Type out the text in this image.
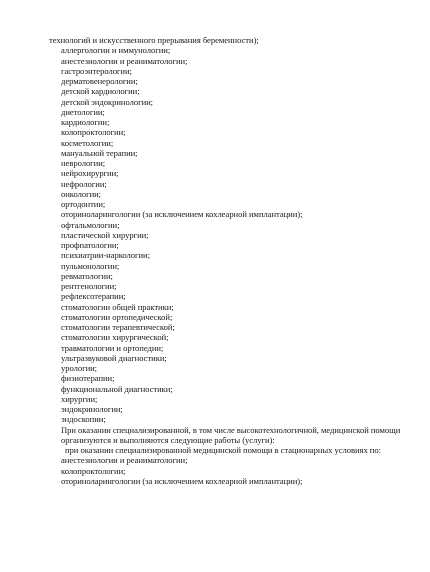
технологий и искусственного прерывания беременности);
аллергологии и иммунологии;
анестезиологии и реаниматологии;
гастроэнтерологии;
дерматовенерологии;
детской кардиологии;
детской эндокринологии;
диетологии;
кардиологии;
колопроктологии;
косметологии;
мануальной терапии;
неврологии;
нейрохирургии;
нефрологии;
онкологии;
ортодонтии;
оториноларингологии (за исключением кохлеарной имплантации);
офтальмологии;
пластической хирургии;
профпатологии;
психиатрии-наркологии;
пульмонологии;
ревматологии;
рентгенологии;
рефлексотерапии;
стоматологии общей практики;
стоматологии ортопедической;
стоматологии терапевтической;
стоматологии хирургической;
травматологии и ортопедии;
ультразвуковой диагностики;
урологии;
физиотерапии;
функциональной диагностики;
хирургии;
эндокринологии;
эндоскопии;
При оказании специализированной, в том числе высокотехнологичной, медицинской помощи
организуются и выполняются следующие работы (услуги):
при оказании специализированной медицинской помощи в стационарных условиях по:
анестезиологии и реаниматологии;
колопроктологии;
оториноларингологии (за исключением кохлеарной имплантации);
